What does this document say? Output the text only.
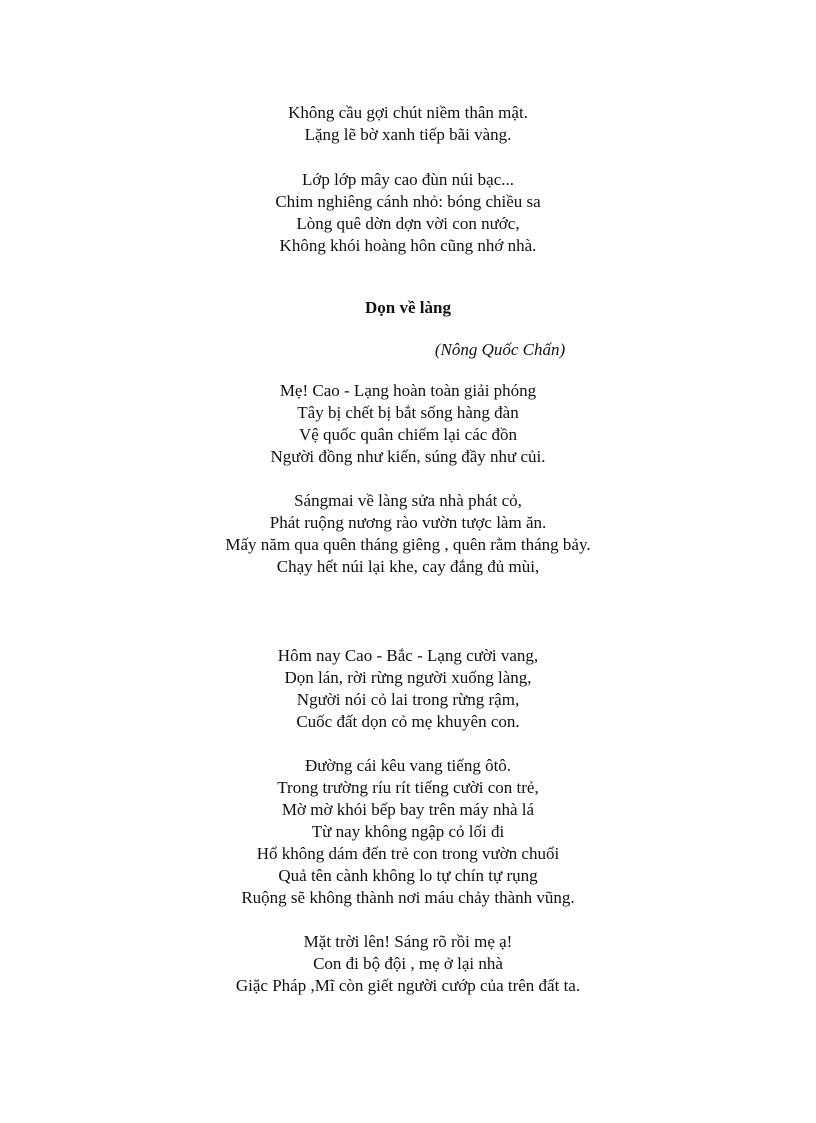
Không cầu gợi chút niềm thân mật.
Lặng lẽ bờ xanh tiếp bãi vàng.
Lớp lớp mây cao đùn núi bạc...
Chim nghiêng cánh nhỏ: bóng chiều sa
Lòng quê dờn dợn vời con nước,
Không khói hoàng hôn cũng nhớ nhà.
Dọn về làng
(Nông Quốc Chấn)
Mẹ! Cao - Lạng hoàn toàn giải phóng
Tây bị chết bị bắt sống hàng đàn
Vệ quốc quân chiếm lại các đồn
Người đồng như kiến, súng đầy như củi.
Sángmai về làng sửa nhà phát cỏ,
Phát ruộng nương rào vườn tược làm ăn.
Mấy năm qua quên tháng giêng , quên rằm tháng bảy.
Chạy hết núi lại khe, cay đắng đủ mùi,
Hôm nay Cao - Bắc - Lạng cười vang,
Dọn lán, rời rừng người xuống làng,
Người nói cỏ lai trong rừng rậm,
Cuốc đất dọn cỏ mẹ khuyên con.
Đường cái kêu vang tiếng ôtô.
Trong trường ríu rít tiếng cười con trẻ,
Mờ mờ khói bếp bay trên máy nhà lá
Từ nay không ngập cỏ lối đi
Hổ không dám đến trẻ con trong vườn chuối
Quả tên cành không lo tự chín tự rụng
Ruộng sẽ không thành nơi máu chảy thành vũng.
Mặt trời lên! Sáng rõ rồi mẹ ạ!
Con đi bộ đội , mẹ ở lại nhà
Giặc Pháp ,Mĩ còn giết người cướp của trên đất ta.
